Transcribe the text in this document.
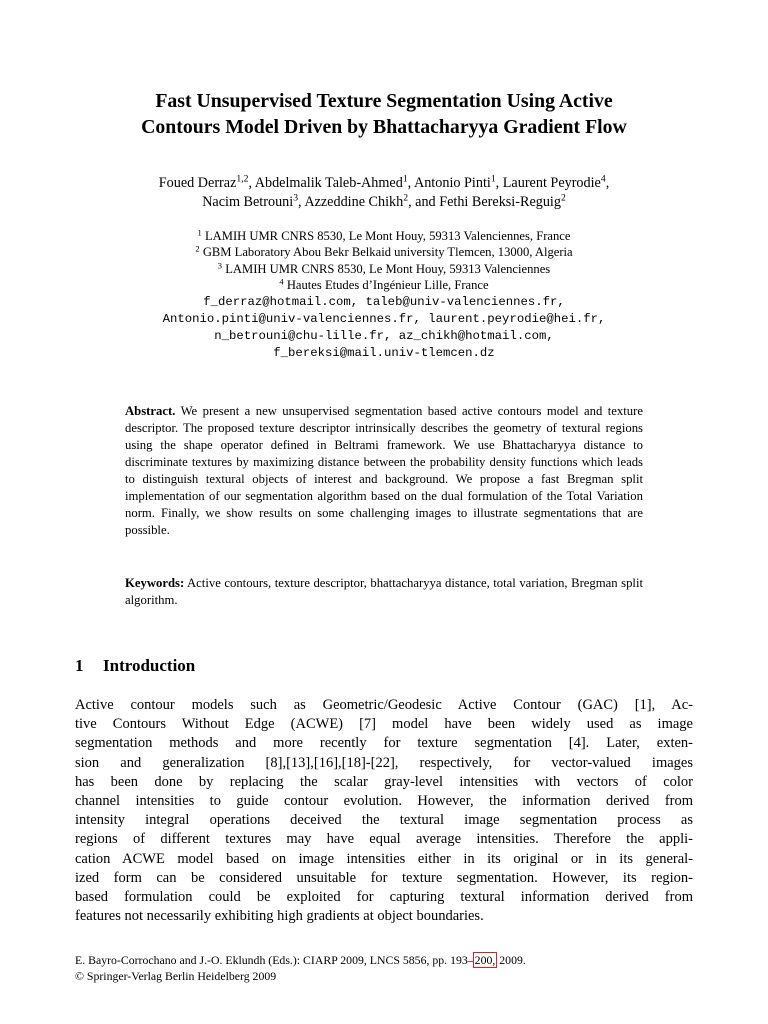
Fast Unsupervised Texture Segmentation Using Active
Contours Model Driven by Bhattacharyya Gradient Flow
Foued Derraz$^{1,2}$, Abdelmalik Taleb-Ahmed$^1$, Antonio Pinti$^1$, Laurent Peyrodie$^4$,
Nacim Betrouni$^3$, Azzeddine Chikh$^2$, and Fethi Bereksi-Reguig$^2$
$^1$ LAMIH UMR CNRS 8530, Le Mont Houy, 59313 Valenciennes, France
$^2$ GBM Laboratory Abou Bekr Belkaid university Tlemcen, 13000, Algeria
$^3$ LAMIH UMR CNRS 8530, Le Mont Houy, 59313 Valenciennes
$^4$ Hautes Etudes d’Ingénieur Lille, France
f_derraz@hotmail.com, taleb@univ-valenciennes.fr,
Antonio.pinti@univ-valenciennes.fr, laurent.peyrodie@hei.fr,
n_betrouni@chu-lille.fr, az_chikh@hotmail.com,
f_bereksi@mail.univ-tlemcen.dz
Abstract. We present a new unsupervised segmentation based active contours model and texture descriptor. The proposed texture descriptor intrinsically describes the geometry of textural regions using the shape operator defined in Beltrami framework. We use Bhattacharyya distance to discriminate textures by maximizing distance between the probability density functions which leads to distinguish textural objects of interest and background. We propose a fast Bregman split implementation of our segmentation algorithm based on the dual formulation of the Total Variation norm. Finally, we show results on some challenging images to illustrate segmentations that are possible.
Keywords: Active contours, texture descriptor, bhattacharyya distance, total variation, Bregman split algorithm.
1 Introduction
Active contour models such as Geometric/Geodesic Active Contour (GAC) [1], Ac-
tive Contours Without Edge (ACWE) [7] model have been widely used as image
segmentation methods and more recently for texture segmentation [4]. Later, exten-
sion and generalization [8],[13],[16],[18]-[22], respectively, for vector-valued images
has been done by replacing the scalar gray-level intensities with vectors of color
channel intensities to guide contour evolution. However, the information derived from
intensity integral operations deceived the textural image segmentation process as
regions of different textures may have equal average intensities. Therefore the appli-
cation ACWE model based on image intensities either in its original or in its general-
ized form can be considered unsuitable for texture segmentation. However, its region-
based formulation could be exploited for capturing textural information derived from
features not necessarily exhibiting high gradients at object boundaries.
E. Bayro-Corrochano and J.-O. Eklundh (Eds.): CIARP 2009, LNCS 5856, pp. 193–200, 2009.
© Springer-Verlag Berlin Heidelberg 2009
